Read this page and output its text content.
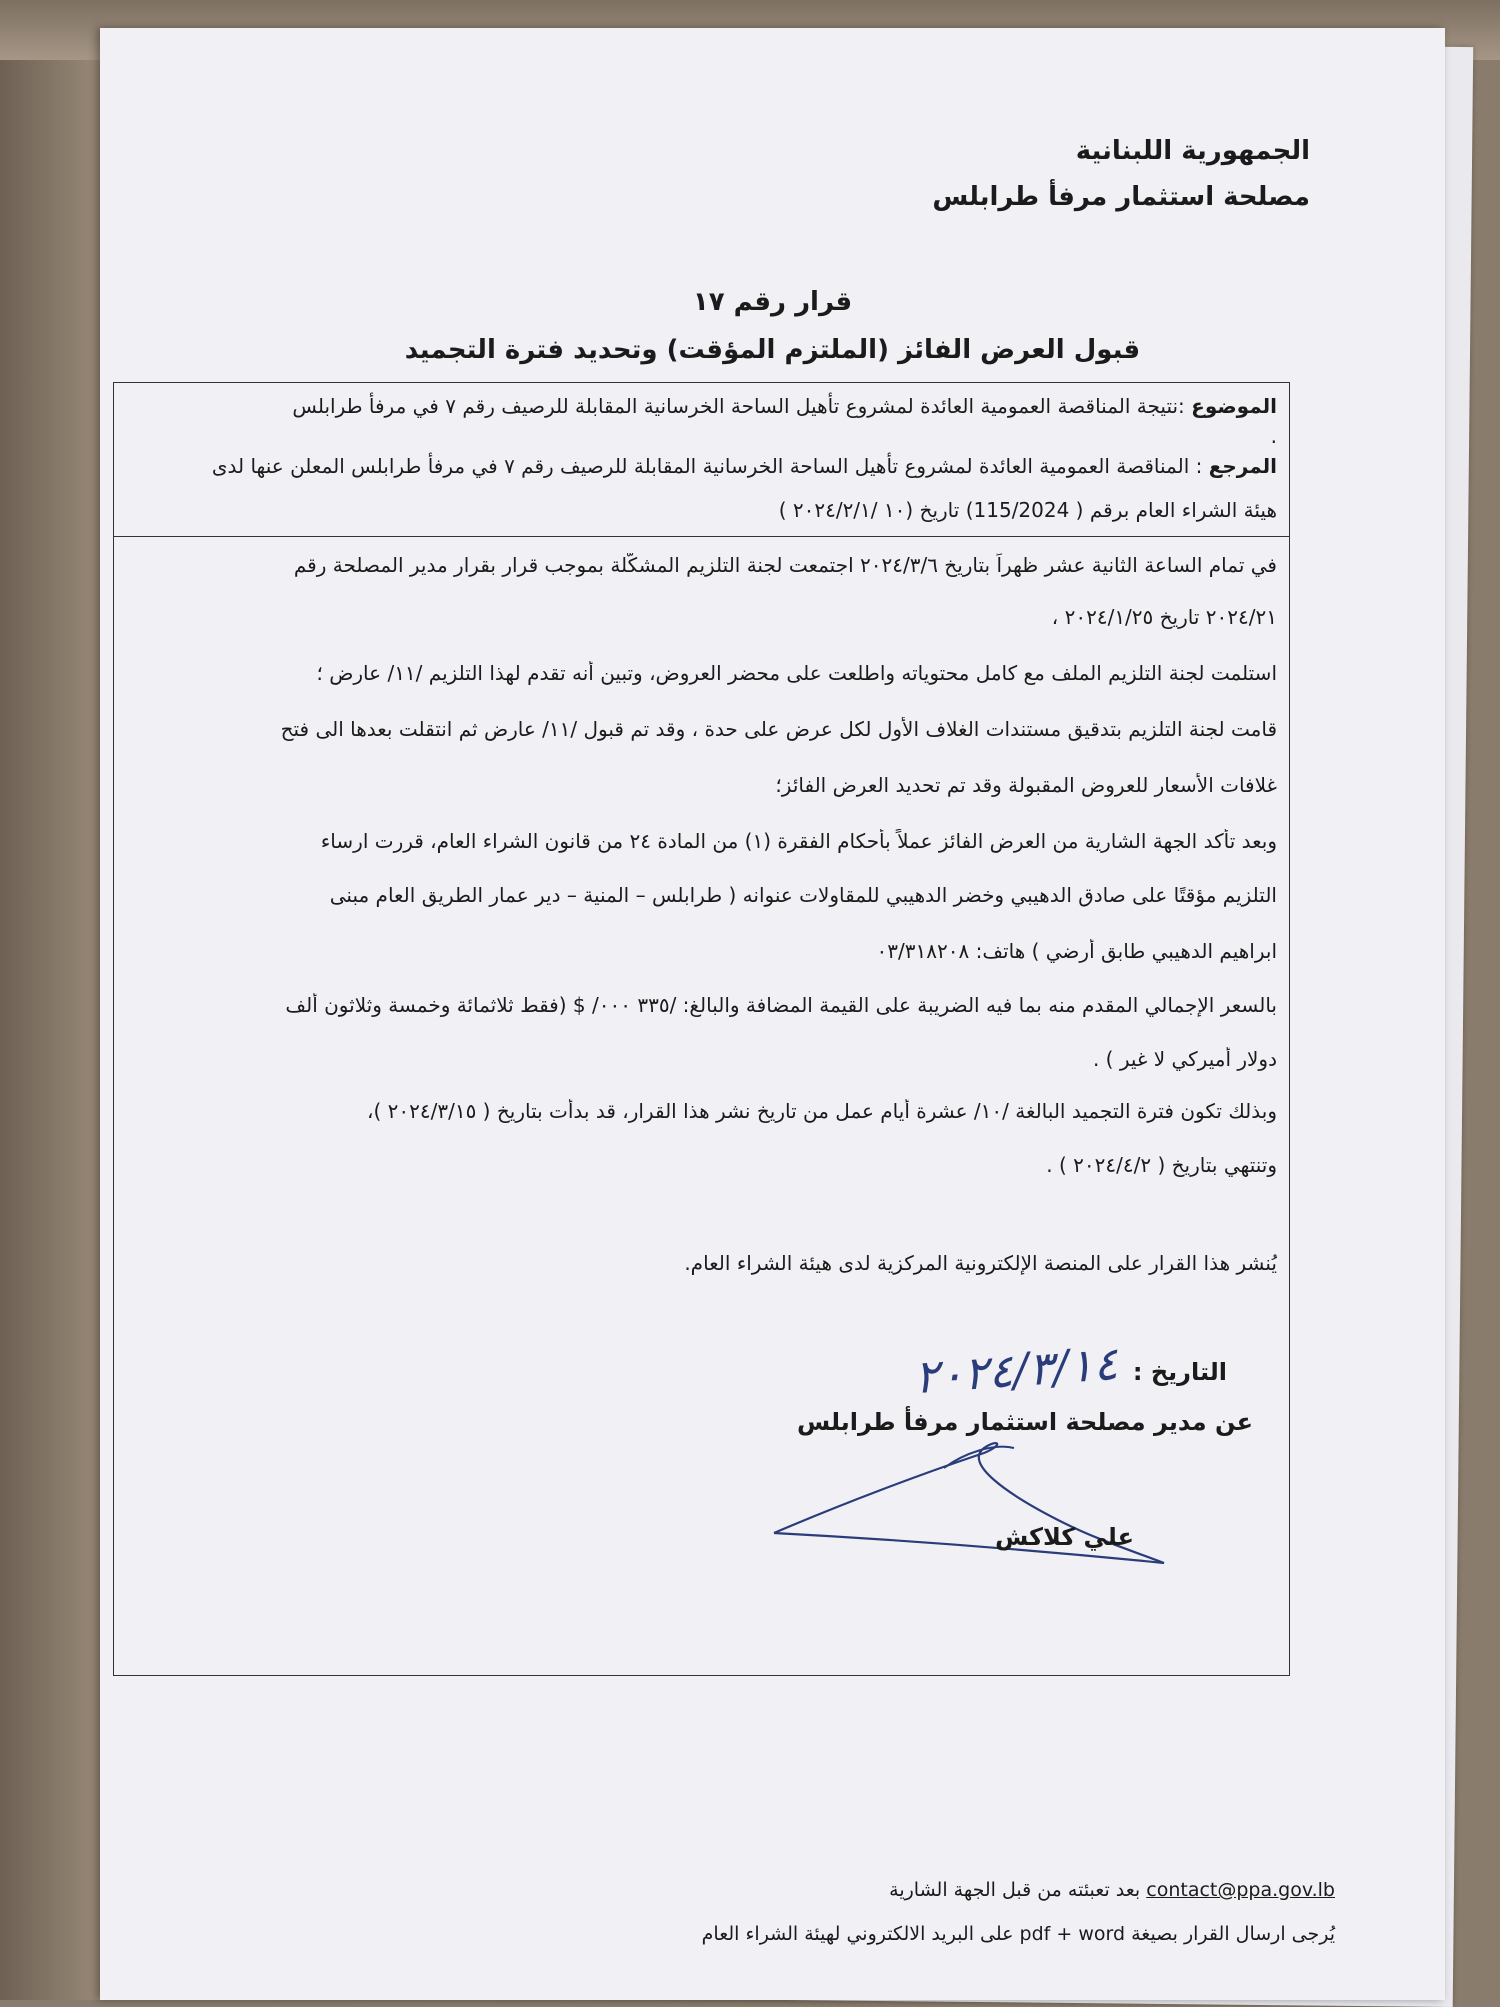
الجمهورية اللبنانية
مصلحة استثمار مرفأ طرابلس
قرار رقم ١٧
قبول العرض الفائز (الملتزم المؤقت) وتحديد فترة التجميد

الموضوع :نتيجة المناقصة العمومية العائدة لمشروع تأهيل الساحة الخرسانية المقابلة للرصيف رقم ٧ في مرفأ طرابلس

.

المرجع : المناقصة العمومية العائدة لمشروع تأهيل الساحة الخرسانية المقابلة للرصيف رقم ٧ في مرفأ طرابلس المعلن عنها لدى

هيئة الشراء العام برقم ( 115/2024) تاريخ (١٠ /٢٠٢٤/٢/١ )

في تمام الساعة الثانية عشر ظهراً بتاريخ ٢٠٢٤/٣/٦ اجتمعت لجنة التلزيم المشكّلة بموجب قرار بقرار مدير المصلحة رقم

٢٠٢٤/٢١ تاريخ ٢٠٢٤/١/٢٥ ،

استلمت لجنة التلزيم الملف مع كامل محتوياته واطلعت على محضر العروض، وتبين أنه تقدم لهذا التلزيم /١١/ عارض ؛

قامت لجنة التلزيم بتدقيق مستندات الغلاف الأول لكل عرض على حدة ، وقد تم قبول /١١/ عارض ثم انتقلت بعدها الى فتح

غلافات الأسعار للعروض المقبولة وقد تم تحديد العرض الفائز؛

وبعد تأكد الجهة الشارية من العرض الفائز عملاً بأحكام الفقرة (١) من المادة ٢٤ من قانون الشراء العام، قررت ارساء

التلزيم مؤقتًا على صادق الدهيبي وخضر الدهيبي للمقاولات عنوانه ( طرابلس – المنية – دير عمار الطريق العام مبنى

ابراهيم الدهيبي طابق أرضي ) هاتف: ٠٣/٣١٨٢٠٨

بالسعر الإجمالي المقدم منه بما فيه الضريبة على القيمة المضافة والبالغ: /٣٣٥ ٠٠٠/ $ (فقط ثلاثمائة وخمسة وثلاثون ألف

دولار أميركي لا غير ) .

وبذلك تكون فترة التجميد البالغة /١٠/ عشرة أيام عمل من تاريخ نشر هذا القرار، قد بدأت بتاريخ ( ٢٠٢٤/٣/١٥ )،

وتنتهي بتاريخ ( ٢٠٢٤/٤/٢ ) .

يُنشر هذا القرار على المنصة الإلكترونية المركزية لدى هيئة الشراء العام.

٢٠٢٤/٣/١٤ التاريخ :
عن مدير مصلحة استثمار مرفأ طرابلس
علي كلاكش
contact@ppa.gov.lb بعد تعبئته من قبل الجهة الشارية
يُرجى ارسال القرار بصيغة pdf + word على البريد الالكتروني لهيئة الشراء العام
